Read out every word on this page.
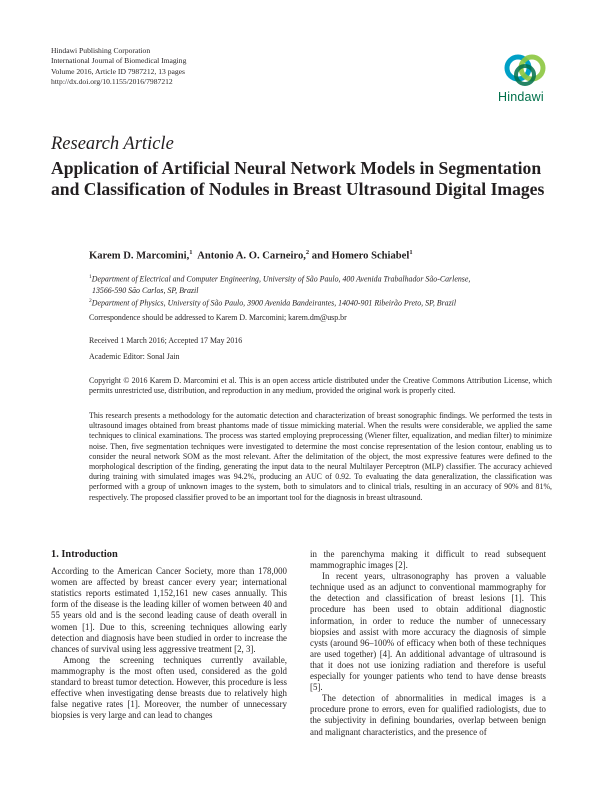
Hindawi Publishing Corporation
International Journal of Biomedical Imaging
Volume 2016, Article ID 7987212, 13 pages
http://dx.doi.org/10.1155/2016/7987212
Hindawi
Research Article
Application of Artificial Neural Network Models in Segmentation and Classification of Nodules in Breast Ultrasound Digital Images
Karem D. Marcomini,$^1$ Antonio A. O. Carneiro,$^2$ and Homero Schiabel$^1$
$^1$Department of Electrical and Computer Engineering, University of São Paulo, 400 Avenida Trabalhador São-Carlense,
13566-590 São Carlos, SP, Brazil
$^2$Department of Physics, University of São Paulo, 3900 Avenida Bandeirantes, 14040-901 Ribeirão Preto, SP, Brazil
Correspondence should be addressed to Karem D. Marcomini; karem.dm@usp.br
Received 1 March 2016; Accepted 17 May 2016
Academic Editor: Sonal Jain
Copyright © 2016 Karem D. Marcomini et al. This is an open access article distributed under the Creative Commons Attribution License, which permits unrestricted use, distribution, and reproduction in any medium, provided the original work is properly cited.
This research presents a methodology for the automatic detection and characterization of breast sonographic findings. We performed the tests in ultrasound images obtained from breast phantoms made of tissue mimicking material. When the results were considerable, we applied the same techniques to clinical examinations. The process was started employing preprocessing (Wiener filter, equalization, and median filter) to minimize noise. Then, five segmentation techniques were investigated to determine the most concise representation of the lesion contour, enabling us to consider the neural network SOM as the most relevant. After the delimitation of the object, the most expressive features were defined to the morphological description of the finding, generating the input data to the neural Multilayer Perceptron (MLP) classifier. The accuracy achieved during training with simulated images was 94.2%, producing an AUC of 0.92. To evaluating the data generalization, the classification was performed with a group of unknown images to the system, both to simulators and to clinical trials, resulting in an accuracy of 90% and 81%, respectively. The proposed classifier proved to be an important tool for the diagnosis in breast ultrasound.
1. Introduction

According to the American Cancer Society, more than 178,000 women are affected by breast cancer every year; international statistics reports estimated 1,152,161 new cases annually. This form of the disease is the leading killer of women between 40 and 55 years old and is the second leading cause of death overall in women [1]. Due to this, screening techniques allowing early detection and diagnosis have been studied in order to increase the chances of survival using less aggressive treatment [2, 3].

Among the screening techniques currently available, mammography is the most often used, considered as the gold standard to breast tumor detection. However, this procedure is less effective when investigating dense breasts due to relatively high false negative rates [1]. Moreover, the number of unnecessary biopsies is very large and can lead to changes

in the parenchyma making it difficult to read subsequent mammographic images [2].

In recent years, ultrasonography has proven a valuable technique used as an adjunct to conventional mammography for the detection and classification of breast lesions [1]. This procedure has been used to obtain additional diagnostic information, in order to reduce the number of unnecessary biopsies and assist with more accuracy the diagnosis of simple cysts (around 96–100% of efficacy when both of these techniques are used together) [4]. An additional advantage of ultrasound is that it does not use ionizing radiation and therefore is useful especially for younger patients who tend to have dense breasts [5].

The detection of abnormalities in medical images is a procedure prone to errors, even for qualified radiologists, due to the subjectivity in defining boundaries, overlap between benign and malignant characteristics, and the presence of
